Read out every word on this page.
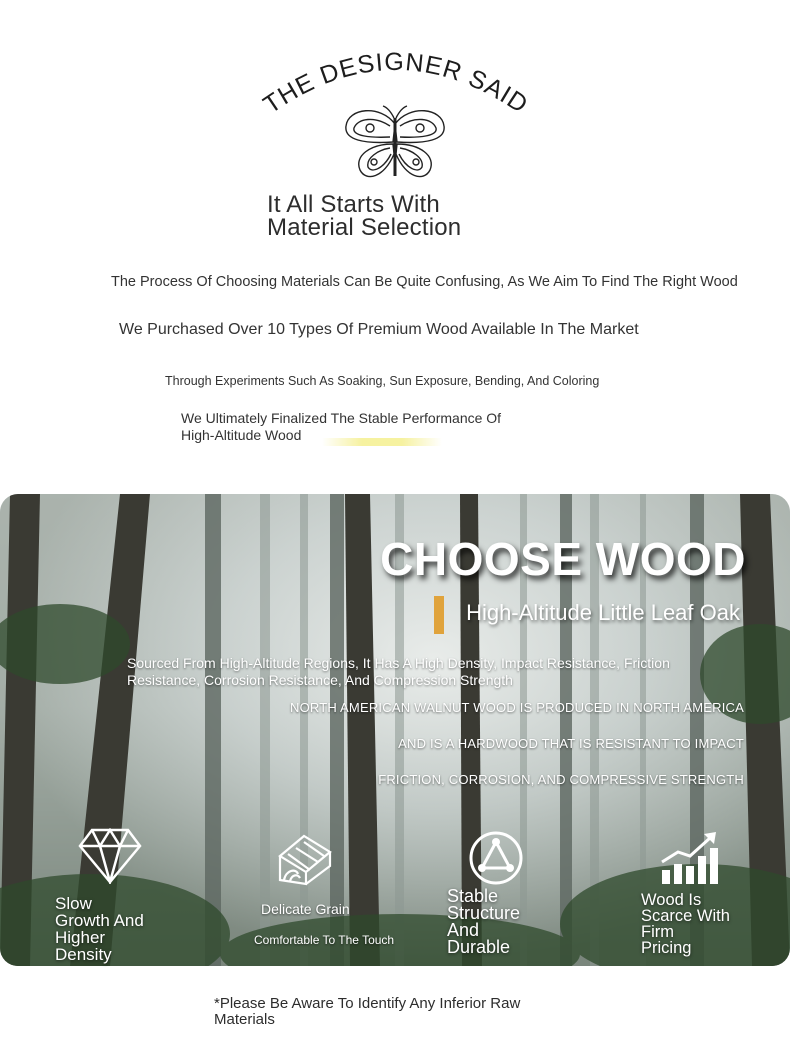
THE DESIGNER SAID
It All Starts With
Material Selection
The Process Of Choosing Materials Can Be Quite Confusing, As We Aim To Find The Right Wood
We Purchased Over 10 Types Of Premium Wood Available In The Market
Through Experiments Such As Soaking, Sun Exposure, Bending, And Coloring
We Ultimately Finalized The Stable Performance Of
High-Altitude Wood
CHOOSE WOOD
High-Altitude Little Leaf Oak
Sourced From High-Altitude Regions, It Has A High Density, Impact Resistance, Friction Resistance, Corrosion Resistance, And Compression Strength
NORTH AMERICAN WALNUT WOOD IS PRODUCED IN NORTH AMERICA
AND IS A HARDWOOD THAT IS RESISTANT TO IMPACT
FRICTION, CORROSION, AND COMPRESSIVE STRENGTH
Slow
Growth And
Higher
Density
Delicate Grain
Comfortable To The Touch
Stable
Structure
And
Durable
Wood Is
Scarce With
Firm
Pricing
*Please Be Aware To Identify Any Inferior Raw
Materials
